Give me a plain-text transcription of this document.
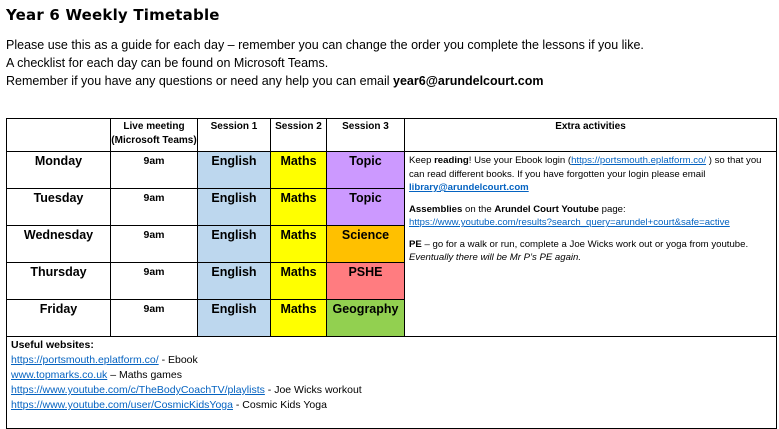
Year 6 Weekly Timetable
Please use this as a guide for each day – remember you can change the order you complete the lessons if you like.
A checklist for each day can be found on Microsoft Teams.
Remember if you have any questions or need any help you can email year6@arundelcourt.com
	Live meeting (Microsoft Teams)	Session 1	Session 2	Session 3	Extra activities
Monday	9am	English	Maths	Topic	Keep reading! Use your Ebook login (https://portsmouth.eplatform.co/ ) so that you can read different books. If you have forgotten your login please email library@arundelcourt.com

Assemblies on the Arundel Court Youtube page:
https://www.youtube.com/results?search_query=arundel+court&safe=active

PE – go for a walk or run, complete a Joe Wicks work out or yoga from youtube.
Eventually there will be Mr P’s PE again.

Tuesday	9am	English	Maths	Topic	
Wednesday	9am	English	Maths	Science	
Thursday	9am	English	Maths	PSHE	
Friday	9am	English	Maths	Geography	

Useful websites:
https://portsmouth.eplatform.co/ - Ebook
www.topmarks.co.uk – Maths games
https://www.youtube.com/c/TheBodyCoachTV/playlists - Joe Wicks workout
https://www.youtube.com/user/CosmicKidsYoga - Cosmic Kids Yoga					
